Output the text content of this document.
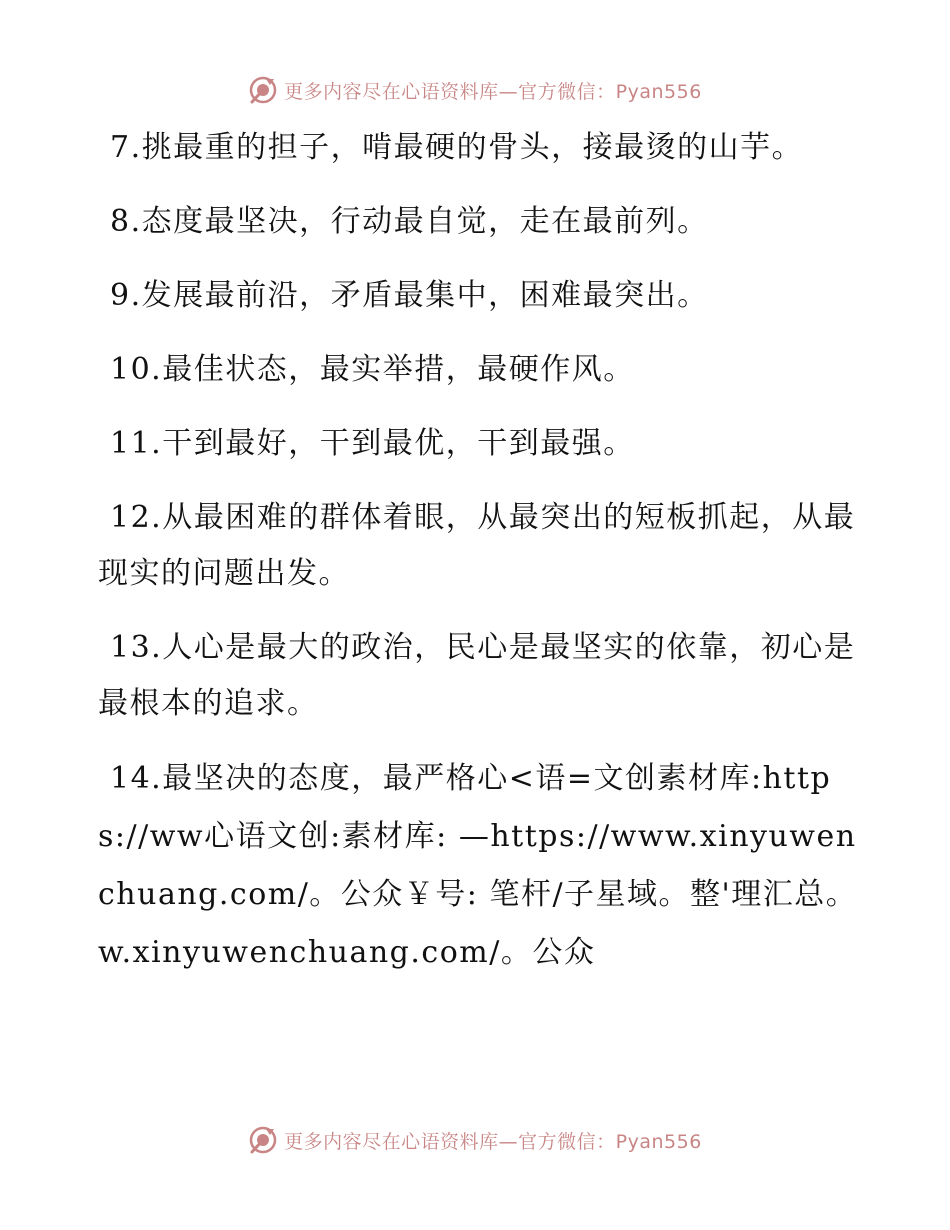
更多内容尽在心语资料库—官方微信：Pyan556

7.挑最重的担子，啃最硬的骨头，接最烫的山芋。

8.态度最坚决，行动最自觉，走在最前列。

9.发展最前沿，矛盾最集中，困难最突出。

10.最佳状态，最实举措，最硬作风。

11.干到最好，干到最优，干到最强。

12.从最困难的群体着眼，从最突出的短板抓起，从最现实的问题出发。

13.人心是最大的政治，民心是最坚实的依靠，初心是最根本的追求。

14.最坚决的态度，最严格心<语=文创素材库:https://ww心语文创:素材库: —https://www.xinyuwenchuang.com/。公众￥号: 笔杆/子星域。整'理汇总。w.xinyuwenchuang.com/。公众

更多内容尽在心语资料库—官方微信：Pyan556
